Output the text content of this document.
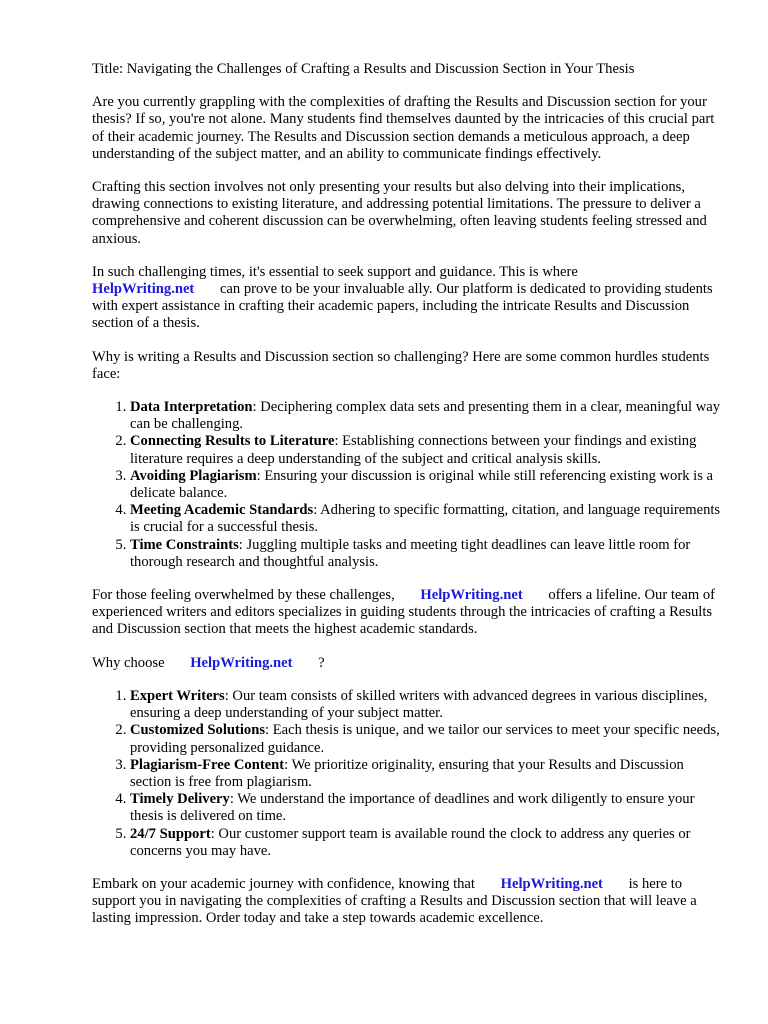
Title: Navigating the Challenges of Crafting a Results and Discussion Section in Your Thesis

Are you currently grappling with the complexities of drafting the Results and Discussion section for your thesis? If so, you're not alone. Many students find themselves daunted by the intricacies of this crucial part of their academic journey. The Results and Discussion section demands a meticulous approach, a deep understanding of the subject matter, and an ability to communicate findings effectively.

Crafting this section involves not only presenting your results but also delving into their implications, drawing connections to existing literature, and addressing potential limitations. The pressure to deliver a comprehensive and coherent discussion can be overwhelming, often leaving students feeling stressed and anxious.

In such challenging times, it's essential to seek support and guidance. This is where
HelpWriting.net can prove to be your invaluable ally. Our platform is dedicated to providing students with expert assistance in crafting their academic papers, including the intricate Results and Discussion section of a thesis.

Why is writing a Results and Discussion section so challenging? Here are some common hurdles students face:

1. Data Interpretation: Deciphering complex data sets and presenting them in a clear, meaningful way can be challenging.
2. Connecting Results to Literature: Establishing connections between your findings and existing literature requires a deep understanding of the subject and critical analysis skills.
3. Avoiding Plagiarism: Ensuring your discussion is original while still referencing existing work is a delicate balance.
4. Meeting Academic Standards: Adhering to specific formatting, citation, and language requirements is crucial for a successful thesis.
5. Time Constraints: Juggling multiple tasks and meeting tight deadlines can leave little room for thorough research and thoughtful analysis.

For those feeling overwhelmed by these challenges, HelpWriting.net offers a lifeline. Our team of experienced writers and editors specializes in guiding students through the intricacies of crafting a Results and Discussion section that meets the highest academic standards.

Why choose HelpWriting.net ?

1. Expert Writers: Our team consists of skilled writers with advanced degrees in various disciplines, ensuring a deep understanding of your subject matter.
2. Customized Solutions: Each thesis is unique, and we tailor our services to meet your specific needs, providing personalized guidance.
3. Plagiarism-Free Content: We prioritize originality, ensuring that your Results and Discussion section is free from plagiarism.
4. Timely Delivery: We understand the importance of deadlines and work diligently to ensure your thesis is delivered on time.
5. 24/7 Support: Our customer support team is available round the clock to address any queries or concerns you may have.

Embark on your academic journey with confidence, knowing that HelpWriting.net is here to support you in navigating the complexities of crafting a Results and Discussion section that will leave a lasting impression. Order today and take a step towards academic excellence.
